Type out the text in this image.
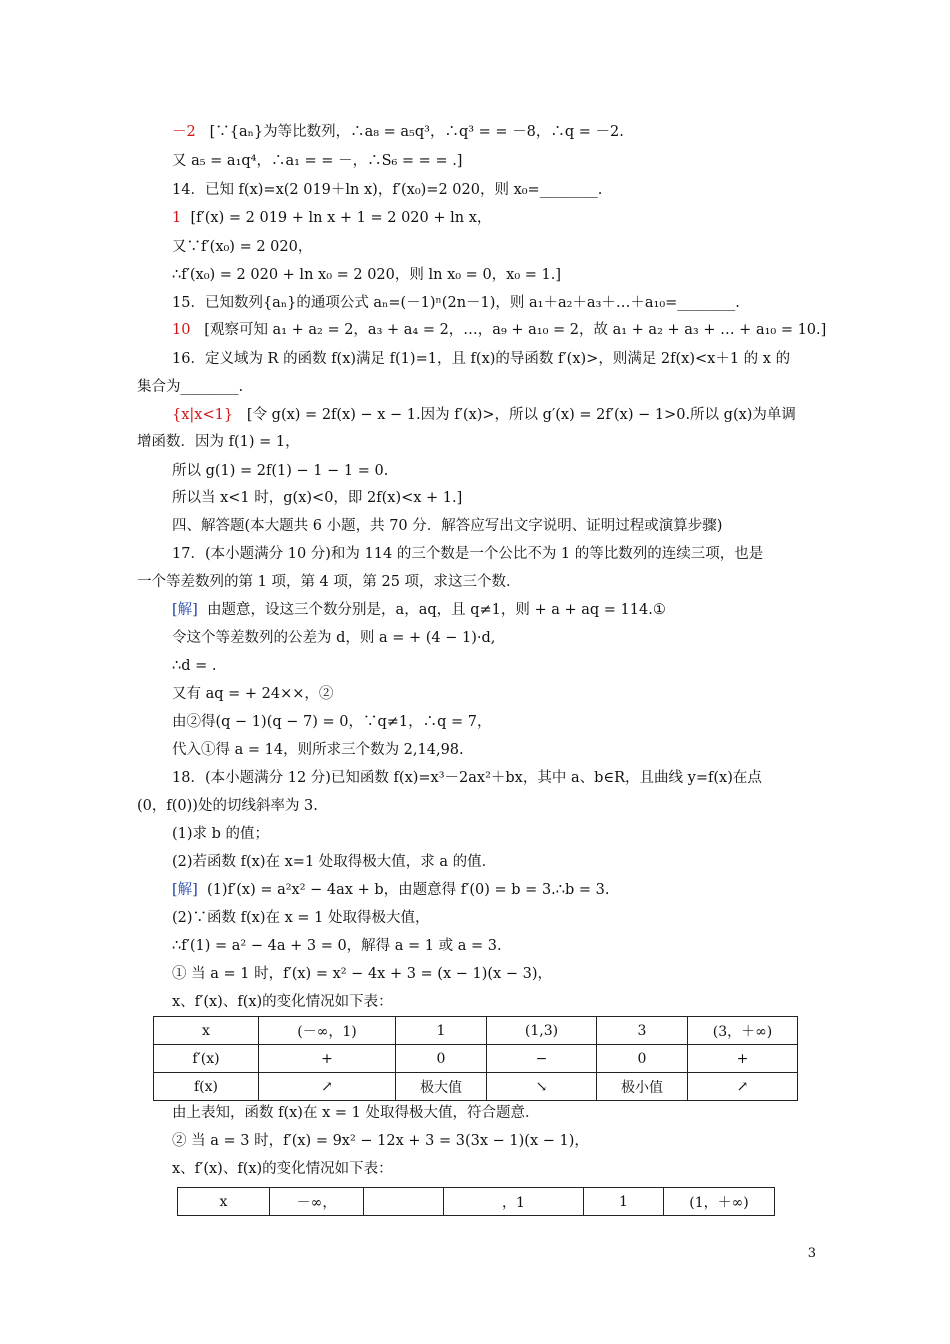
－2 [∵{aₙ}为等比数列，∴a₈ = a₅q³，∴q³ = = －8，∴q = －2.
又 a₅ = a₁q⁴，∴a₁ = = －，∴S₆ = = = .]
14．已知 f(x)=x(2 019＋ln x)，f′(x₀)=2 020，则 x₀=________.
1 [f′(x) = 2 019 + ln x + 1 = 2 020 + ln x，
又∵f′(x₀) = 2 020，
∴f′(x₀) = 2 020 + ln x₀ = 2 020，则 ln x₀ = 0，x₀ = 1.]
15．已知数列{aₙ}的通项公式 aₙ=(－1)ⁿ(2n－1)，则 a₁＋a₂＋a₃＋…＋a₁₀=________.
10 [观察可知 a₁ + a₂ = 2，a₃ + a₄ = 2，…，a₉ + a₁₀ = 2，故 a₁ + a₂ + a₃ + … + a₁₀ = 10.]
16．定义域为 R 的函数 f(x)满足 f(1)=1，且 f(x)的导函数 f′(x)>，则满足 2f(x)<x＋1 的 x 的
集合为________.
{x|x<1} [令 g(x) = 2f(x) − x − 1.因为 f′(x)>，所以 g′(x) = 2f′(x) − 1>0.所以 g(x)为单调
增函数．因为 f(1) = 1，
所以 g(1) = 2f(1) − 1 − 1 = 0.
所以当 x<1 时，g(x)<0，即 2f(x)<x + 1.]
四、解答题(本大题共 6 小题，共 70 分．解答应写出文字说明、证明过程或演算步骤)
17．(本小题满分 10 分)和为 114 的三个数是一个公比不为 1 的等比数列的连续三项，也是
一个等差数列的第 1 项，第 4 项，第 25 项，求这三个数．
[解] 由题意，设这三个数分别是，a，aq，且 q≠1，则 + a + aq = 114.①
令这个等差数列的公差为 d，则 a = + (4 − 1)·d,
∴d = .
又有 aq = + 24××，②
由②得(q − 1)(q − 7) = 0，∵q≠1，∴q = 7，
代入①得 a = 14，则所求三个数为 2,14,98.
18．(本小题满分 12 分)已知函数 f(x)=x³－2ax²＋bx，其中 a、b∈R，且曲线 y=f(x)在点
(0，f(0))处的切线斜率为 3.
(1)求 b 的值；
(2)若函数 f(x)在 x=1 处取得极大值，求 a 的值．
[解] (1)f′(x) = a²x² − 4ax + b，由题意得 f′(0) = b = 3.∴b = 3.
(2)∵函数 f(x)在 x = 1 处取得极大值，
∴f′(1) = a² − 4a + 3 = 0，解得 a = 1 或 a = 3.
① 当 a = 1 时，f′(x) = x² − 4x + 3 = (x − 1)(x − 3)，
x、f′(x)、f(x)的变化情况如下表：
x	(－∞，1)	1	(1,3)	3	(3，＋∞)
f′(x)	+	0	−	0	+
f(x)	↗	极大值	↘	极小值	↗
由上表知，函数 f(x)在 x = 1 处取得极大值，符合题意．
② 当 a = 3 时，f′(x) = 9x² − 12x + 3 = 3(3x − 1)(x − 1)，
x、f′(x)、f(x)的变化情况如下表：
x	－∞，		，1	1	(1，＋∞)
3
